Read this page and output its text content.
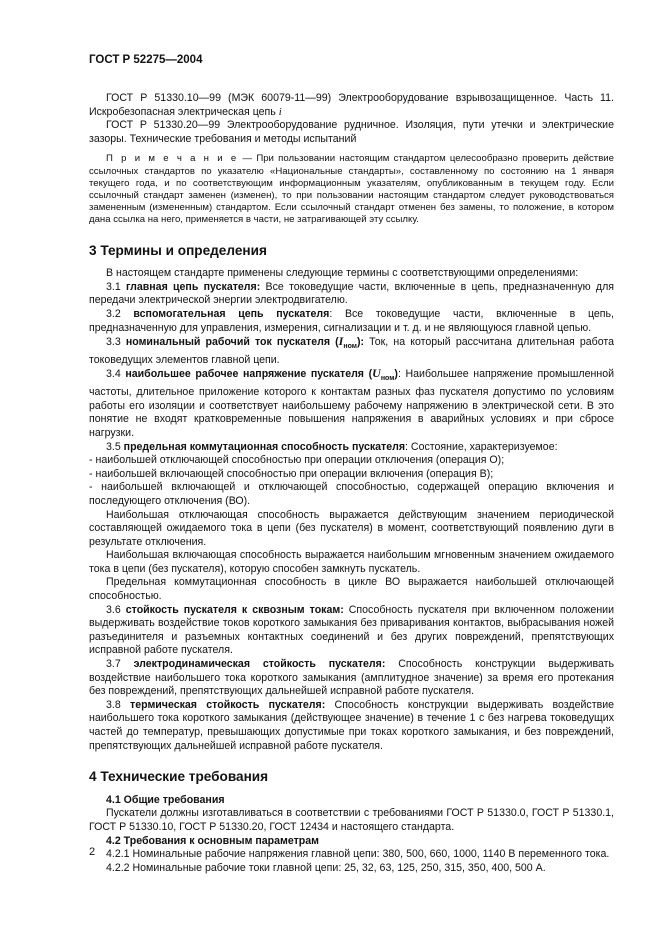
ГОСТ Р 52275—2004

ГОСТ Р 51330.10—99 (МЭК 60079-11—99) Электрооборудование взрывозащищенное. Часть 11. Искробезопасная электрическая цепь i

ГОСТ Р 51330.20—99 Электрооборудование рудничное. Изоляция, пути утечки и электрические зазоры. Технические требования и методы испытаний

П р и м е ч а н и е — При пользовании настоящим стандартом целесообразно проверить действие ссылочных стандартов по указателю «Национальные стандарты», составленному по состоянию на 1 января текущего года, и по соответствующим информационным указателям, опубликованным в текущем году. Если ссылочный стандарт заменен (изменен), то при пользовании настоящим стандартом следует руководствоваться замененным (измененным) стандартом. Если ссылочный стандарт отменен без замены, то положение, в котором дана ссылка на него, применяется в части, не затрагивающей эту ссылку.

3 Термины и определения

В настоящем стандарте применены следующие термины с соответствующими определениями:

3.1 главная цепь пускателя: Все токоведущие части, включенные в цепь, предназначенную для передачи электрической энергии электродвигателю.

3.2 вспомогательная цепь пускателя: Все токоведущие части, включенные в цепь, предназначенную для управления, измерения, сигнализации и т. д. и не являющуюся главной цепью.

3.3 номинальный рабочий ток пускателя $(I_{ном})$: Ток, на который рассчитана длительная работа токоведущих элементов главной цепи.

3.4 наибольшее рабочее напряжение пускателя $(U_{ном})$: Наибольшее напряжение промышленной частоты, длительное приложение которого к контактам разных фаз пускателя допустимо по условиям работы его изоляции и соответствует наибольшему рабочему напряжению в электрической сети. В это понятие не входят кратковременные повышения напряжения в аварийных условиях и при сбросе нагрузки.

3.5 предельная коммутационная способность пускателя: Состояние, характеризуемое:

- наибольшей отключающей способностью при операции отключения (операция О);

- наибольшей включающей способностью при операции включения (операция В);

- наибольшей включающей и отключающей способностью, содержащей операцию включения и последующего отключения (ВО).

Наибольшая отключающая способность выражается действующим значением периодической составляющей ожидаемого тока в цепи (без пускателя) в момент, соответствующий появлению дуги в результате отключения.

Наибольшая включающая способность выражается наибольшим мгновенным значением ожидаемого тока в цепи (без пускателя), которую способен замкнуть пускатель.

Предельная коммутационная способность в цикле ВО выражается наибольшей отключающей способностью.

3.6 стойкость пускателя к сквозным токам: Способность пускателя при включенном положении выдерживать воздействие токов короткого замыкания без приваривания контактов, выбрасывания ножей разъединителя и разъемных контактных соединений и без других повреждений, препятствующих исправной работе пускателя.

3.7 электродинамическая стойкость пускателя: Способность конструкции выдерживать воздействие наибольшего тока короткого замыкания (амплитудное значение) за время его протекания без повреждений, препятствующих дальнейшей исправной работе пускателя.

3.8 термическая стойкость пускателя: Способность конструкции выдерживать воздействие наибольшего тока короткого замыкания (действующее значение) в течение 1 с без нагрева токоведущих частей до температур, превышающих допустимые при токах короткого замыкания, и без повреждений, препятствующих дальнейшей исправной работе пускателя.

4 Технические требования
4.1 Общие требования

Пускатели должны изготавливаться в соответствии с требованиями ГОСТ Р 51330.0, ГОСТ Р 51330.1, ГОСТ Р 51330.10, ГОСТ Р 51330.20, ГОСТ 12434 и настоящего стандарта.

4.2 Требования к основным параметрам

4.2.1 Номинальные рабочие напряжения главной цепи: 380, 500, 660, 1000, 1140 В переменного тока.

4.2.2 Номинальные рабочие токи главной цепи: 25, 32, 63, 125, 250, 315, 350, 400, 500 А.

2
